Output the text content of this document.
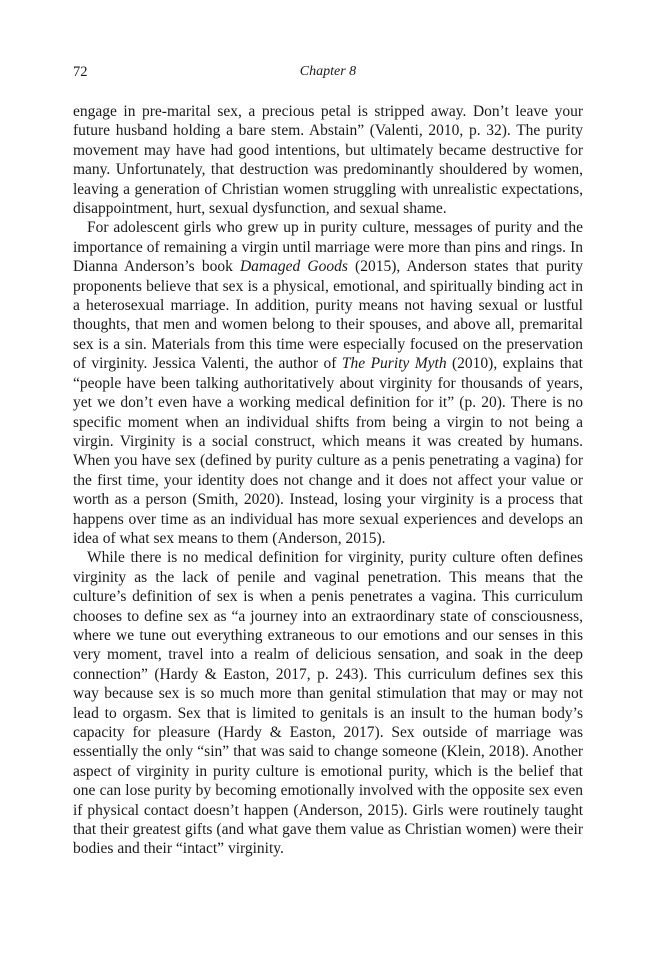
72	Chapter 8

engage in pre-marital sex, a precious petal is stripped away. Don’t leave your future husband holding a bare stem. Abstain” (Valenti, 2010, p. 32). The purity movement may have had good intentions, but ultimately became destructive for many. Unfortunately, that destruction was predominantly shouldered by women, leaving a generation of Christian women struggling with unrealistic expectations, disappointment, hurt, sexual dysfunction, and sexual shame.

For adolescent girls who grew up in purity culture, messages of purity and the importance of remaining a virgin until marriage were more than pins and rings. In Dianna Anderson’s book Damaged Goods (2015), Anderson states that purity proponents believe that sex is a physical, emotional, and spiritually binding act in a heterosexual marriage. In addition, purity means not having sexual or lustful thoughts, that men and women belong to their spouses, and above all, premarital sex is a sin. Materials from this time were especially focused on the preservation of virginity. Jessica Valenti, the author of The Purity Myth (2010), explains that “people have been talking authoritatively about virginity for thousands of years, yet we don’t even have a working medical definition for it” (p. 20). There is no specific moment when an individual shifts from being a virgin to not being a virgin. Virginity is a social construct, which means it was created by humans. When you have sex (defined by purity culture as a penis penetrating a vagina) for the first time, your identity does not change and it does not affect your value or worth as a person (Smith, 2020). Instead, losing your virginity is a process that happens over time as an individual has more sexual experiences and develops an idea of what sex means to them (Anderson, 2015).

While there is no medical definition for virginity, purity culture often defines virginity as the lack of penile and vaginal penetration. This means that the culture’s definition of sex is when a penis penetrates a vagina. This curriculum chooses to define sex as “a journey into an extraordinary state of consciousness, where we tune out everything extraneous to our emotions and our senses in this very moment, travel into a realm of delicious sensation, and soak in the deep connection” (Hardy & Easton, 2017, p. 243). This curriculum defines sex this way because sex is so much more than genital stimulation that may or may not lead to orgasm. Sex that is limited to genitals is an insult to the human body’s capacity for pleasure (Hardy & Easton, 2017). Sex outside of marriage was essentially the only “sin” that was said to change someone (Klein, 2018). Another aspect of virginity in purity culture is emotional purity, which is the belief that one can lose purity by becoming emotionally involved with the opposite sex even if physical contact doesn’t happen (Anderson, 2015). Girls were routinely taught that their greatest gifts (and what gave them value as Christian women) were their bodies and their “intact” virginity.
